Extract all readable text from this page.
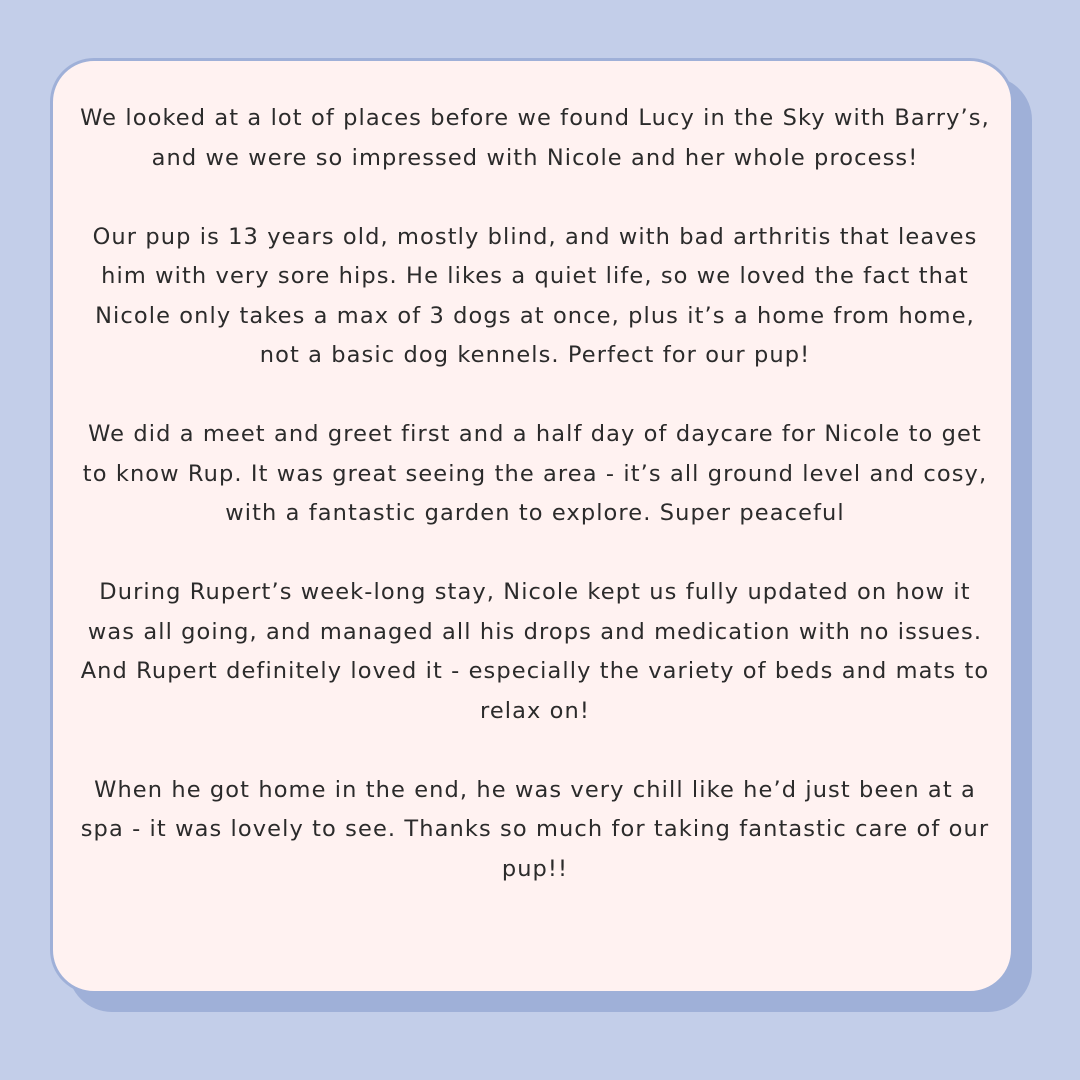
We looked at a lot of places before we found Lucy in the Sky with Barry’s, and we were so impressed with Nicole and her whole process!

Our pup is 13 years old, mostly blind, and with bad arthritis that leaves him with very sore hips. He likes a quiet life, so we loved the fact that Nicole only takes a max of 3 dogs at once, plus it’s a home from home, not a basic dog kennels. Perfect for our pup!

We did a meet and greet first and a half day of daycare for Nicole to get to know Rup. It was great seeing the area - it’s all ground level and cosy, with a fantastic garden to explore. Super peaceful

During Rupert’s week-long stay, Nicole kept us fully updated on how it was all going, and managed all his drops and medication with no issues. And Rupert definitely loved it - especially the variety of beds and mats to relax on!

When he got home in the end, he was very chill like he’d just been at a spa - it was lovely to see. Thanks so much for taking fantastic care of our pup!!
